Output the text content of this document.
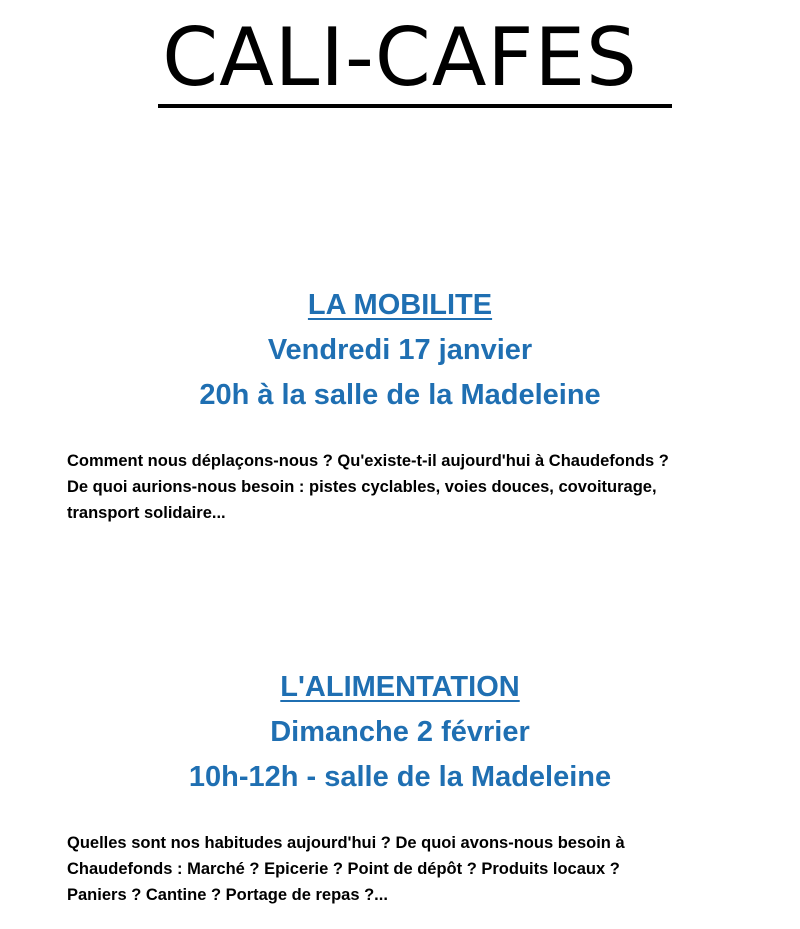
CALI-CAFES

LA MOBILITE

Vendredi 17 janvier

20h à la salle de la Madeleine

Comment nous déplaçons-nous ? Qu'existe-t-il aujourd'hui à Chaudefonds ?
De quoi aurions-nous besoin : pistes cyclables, voies douces, covoiturage,
transport solidaire...

L'ALIMENTATION

Dimanche 2 février

10h-12h - salle de la Madeleine

Quelles sont nos habitudes aujourd'hui ? De quoi avons-nous besoin à
Chaudefonds : Marché ? Epicerie ? Point de dépôt ? Produits locaux ?
Paniers ? Cantine ? Portage de repas ?...
